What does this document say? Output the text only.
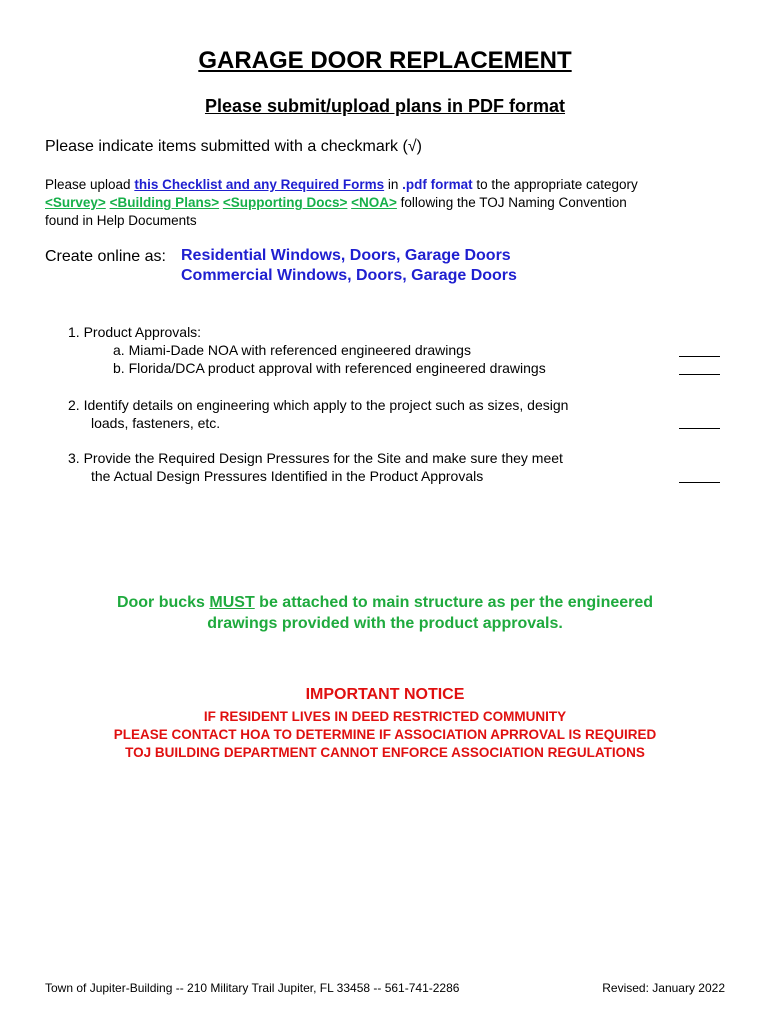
GARAGE DOOR REPLACEMENT
Please submit/upload plans in PDF format
Please indicate items submitted with a checkmark (√)
Please upload this Checklist and any Required Forms in .pdf format to the appropriate category
<Survey> <Building Plans> <Supporting Docs> <NOA> following the TOJ Naming Convention
found in Help Documents
Create online as: Residential Windows, Doors, Garage Doors
Commercial Windows, Doors, Garage Doors
1. Product Approvals:
a. Miami-Dade NOA with referenced engineered drawings
b. Florida/DCA product approval with referenced engineered drawings
2. Identify details on engineering which apply to the project such as sizes, design
loads, fasteners, etc.
3. Provide the Required Design Pressures for the Site and make sure they meet
the Actual Design Pressures Identified in the Product Approvals
Door bucks MUST be attached to main structure as per the engineered
drawings provided with the product approvals.
IMPORTANT NOTICE
IF RESIDENT LIVES IN DEED RESTRICTED COMMUNITY
PLEASE CONTACT HOA TO DETERMINE IF ASSOCIATION APRROVAL IS REQUIRED
TOJ BUILDING DEPARTMENT CANNOT ENFORCE ASSOCIATION REGULATIONS
Town of Jupiter-Building -- 210 Military Trail Jupiter, FL 33458 -- 561-741-2286	Revised: January 2022
